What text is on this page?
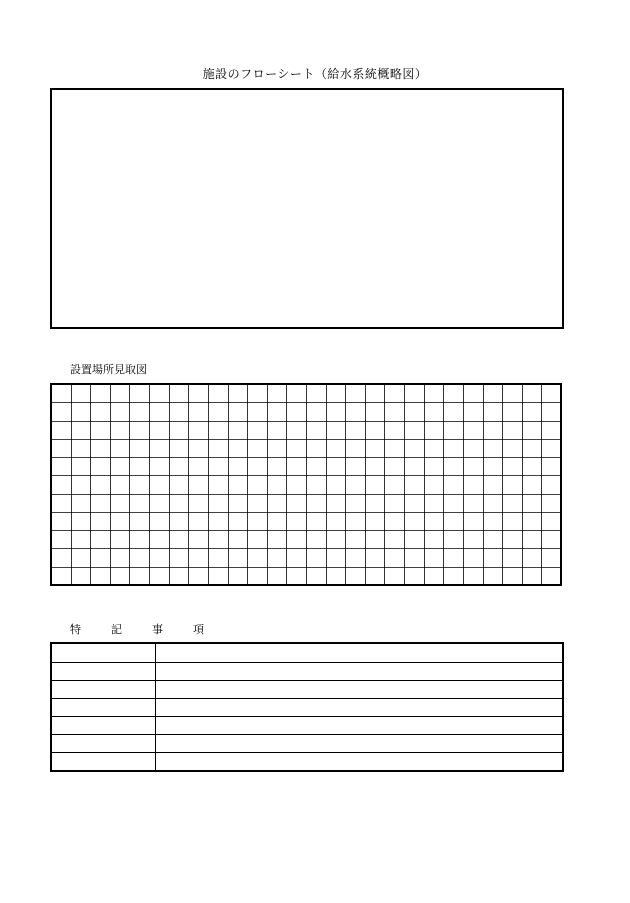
施設のフローシート（給水系統概略図）
設置場所見取図
特	記	事	項
